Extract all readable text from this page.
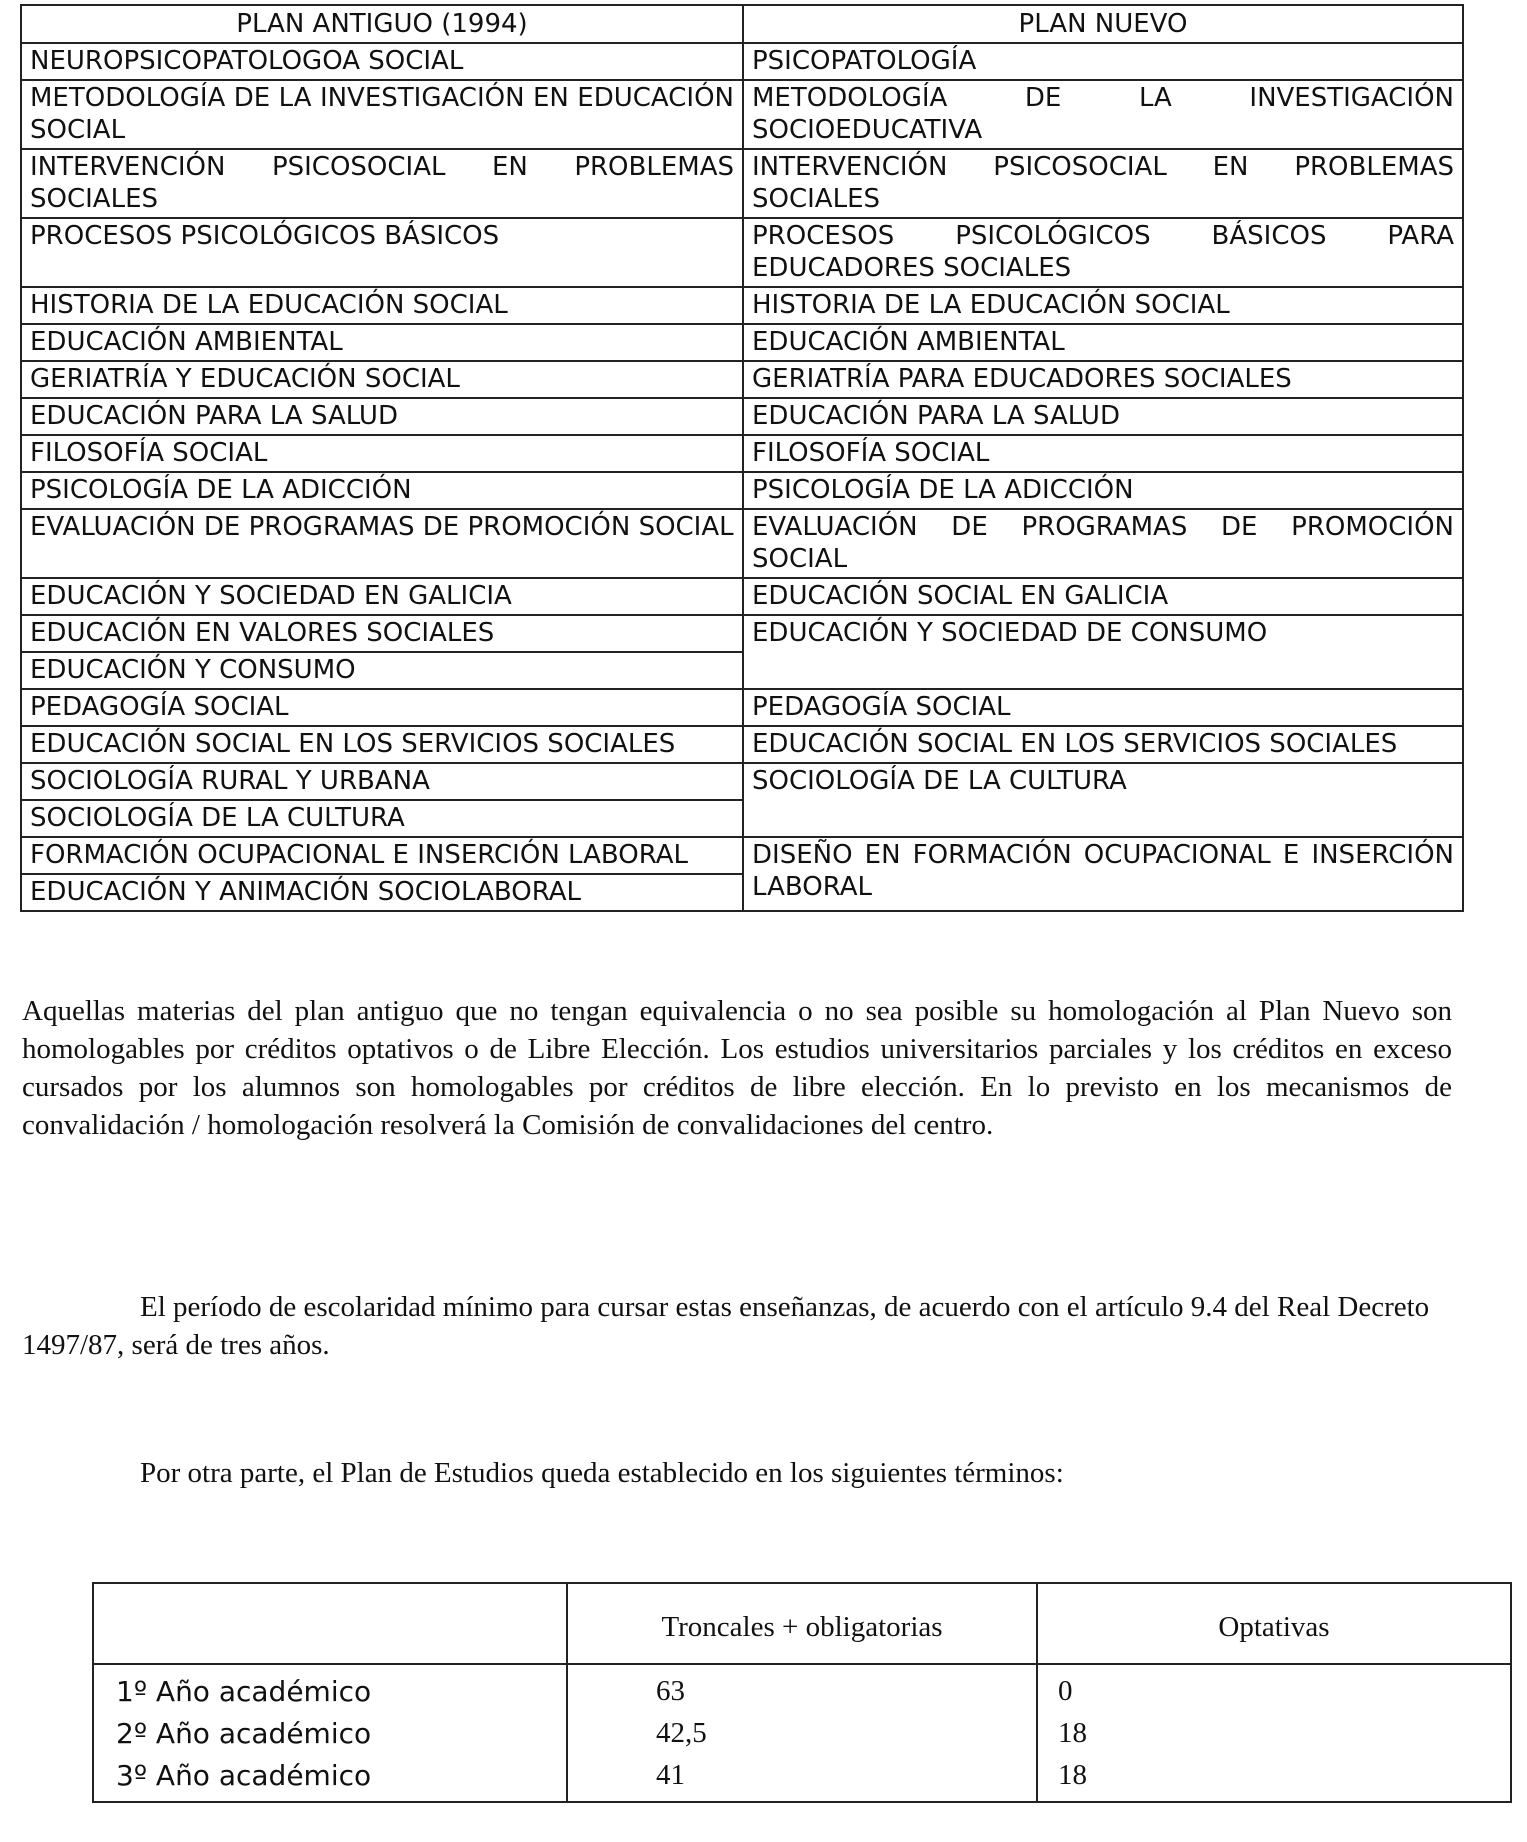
PLAN ANTIGUO (1994)	PLAN NUEVO
NEUROPSICOPATOLOGOA SOCIAL	PSICOPATOLOGÍA
METODOLOGÍA DE LA INVESTIGACIÓN EN EDUCACIÓN SOCIAL	METODOLOGÍA DE LA INVESTIGACIÓN SOCIOEDUCATIVA
INTERVENCIÓN PSICOSOCIAL EN PROBLEMAS SOCIALES	INTERVENCIÓN PSICOSOCIAL EN PROBLEMAS SOCIALES
PROCESOS PSICOLÓGICOS BÁSICOS	PROCESOS PSICOLÓGICOS BÁSICOS PARA EDUCADORES SOCIALES
HISTORIA DE LA EDUCACIÓN SOCIAL	HISTORIA DE LA EDUCACIÓN SOCIAL
EDUCACIÓN AMBIENTAL	EDUCACIÓN AMBIENTAL
GERIATRÍA Y EDUCACIÓN SOCIAL	GERIATRÍA PARA EDUCADORES SOCIALES
EDUCACIÓN PARA LA SALUD	EDUCACIÓN PARA LA SALUD
FILOSOFÍA SOCIAL	FILOSOFÍA SOCIAL
PSICOLOGÍA DE LA ADICCIÓN	PSICOLOGÍA DE LA ADICCIÓN
EVALUACIÓN DE PROGRAMAS DE PROMOCIÓN SOCIAL	EVALUACIÓN DE PROGRAMAS DE PROMOCIÓN SOCIAL
EDUCACIÓN Y SOCIEDAD EN GALICIA	EDUCACIÓN SOCIAL EN GALICIA
EDUCACIÓN EN VALORES SOCIALES	EDUCACIÓN Y SOCIEDAD DE CONSUMO
EDUCACIÓN Y CONSUMO	
PEDAGOGÍA SOCIAL	PEDAGOGÍA SOCIAL
EDUCACIÓN SOCIAL EN LOS SERVICIOS SOCIALES	EDUCACIÓN SOCIAL EN LOS SERVICIOS SOCIALES
SOCIOLOGÍA RURAL Y URBANA	SOCIOLOGÍA DE LA CULTURA
SOCIOLOGÍA DE LA CULTURA	
FORMACIÓN OCUPACIONAL E INSERCIÓN LABORAL	DISEÑO EN FORMACIÓN OCUPACIONAL E INSERCIÓN LABORAL
EDUCACIÓN Y ANIMACIÓN SOCIOLABORAL	

Aquellas materias del plan antiguo que no tengan equivalencia o no sea posible su homologación al Plan Nuevo son homologables por créditos optativos o de Libre Elección. Los estudios universitarios parciales y los créditos en exceso cursados por los alumnos son homologables por créditos de libre elección. En lo previsto en los mecanismos de convalidación / homologación resolverá la Comisión de convalidaciones del centro.

El período de escolaridad mínimo para cursar estas enseñanzas, de acuerdo con el artículo 9.4 del Real Decreto 1497/87, será de tres años.

Por otra parte, el Plan de Estudios queda establecido en los siguientes términos:

	Troncales + obligatorias	Optativas
1º Año académico	63	0
2º Año académico	42,5	18
3º Año académico	41	18
